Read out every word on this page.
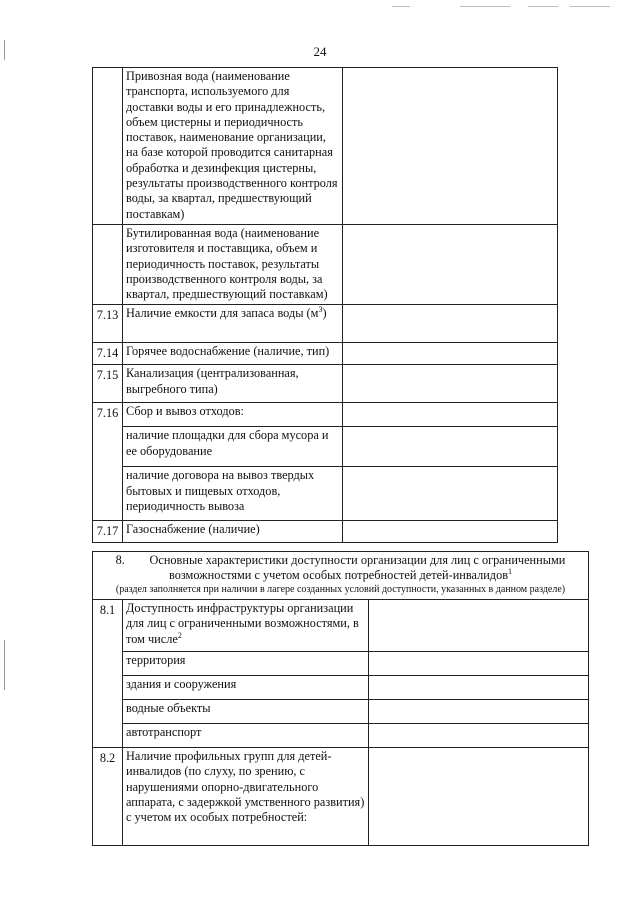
24
	Привозная вода (наименование транспорта, используемого для доставки воды и его принадлежность, объем цистерны и периодичность поставок, наименование организации, на базе которой проводится санитарная обработка и дезинфекция цистерны, результаты производственного контроля воды, за квартал, предшествующий поставкам)	
	Бутилированная вода (наименование изготовителя и поставщика, объем и периодичность поставок, результаты производственного контроля воды, за квартал, предшествующий поставкам)	
7.13	Наличие емкости для запаса воды $(м^3)$	
7.14	Горячее водоснабжение (наличие, тип)	
7.15	Канализация (централизованная, выгребного типа)	
7.16	Сбор и вывоз отходов:	
	наличие площадки для сбора мусора и ее оборудование	
	наличие договора на вывоз твердых бытовых и пищевых отходов, периодичность вывоза	
7.17	Газоснабжение (наличие)	
8. Основные характеристики доступности организации для лиц с ограниченными возможностями с учетом особых потребностей детей-инвалидов$^1$
(раздел заполняется при наличии в лагере созданных условий доступности, указанных в данном разделе)		

8.1	Доступность инфраструктуры организации для лиц с ограниченными возможностями, в том числе$^2$	
	территория	
	здания и сооружения	
	водные объекты	
	автотранспорт	
8.2	Наличие профильных групп для детей-инвалидов (по слуху, по зрению, с нарушениями опорно-двигательного аппарата, с задержкой умственного развития) с учетом их особых потребностей:	
